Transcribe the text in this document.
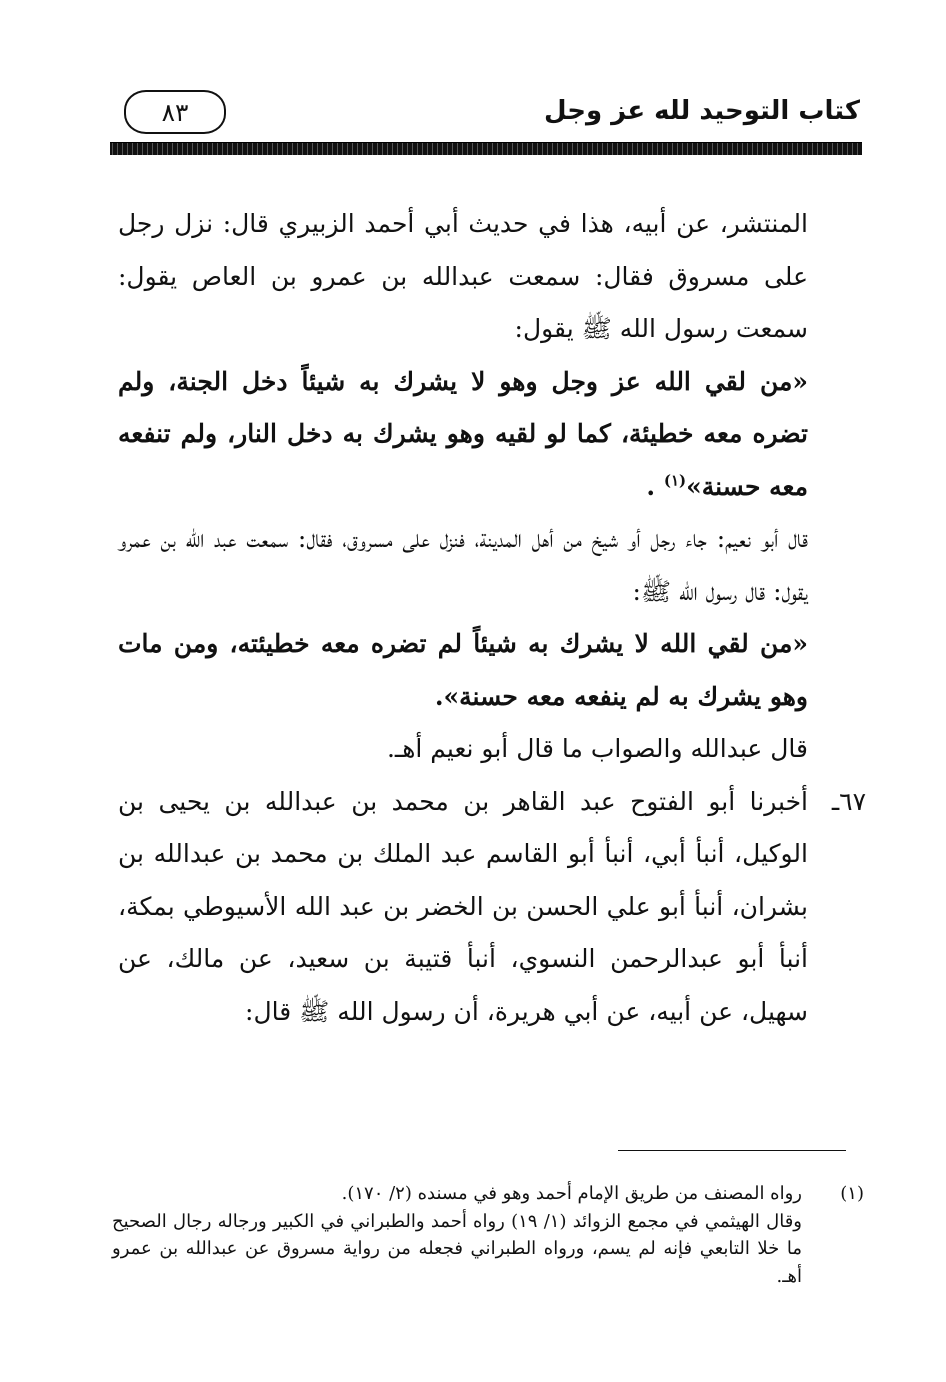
كتاب التوحيد لله عز وجل
٨٣

المنتشر، عن أبيه، هذا في حديث أبي أحمد الزبيري قال: نزل رجل على مسروق فقال: سمعت عبدالله بن عمرو بن العاص يقول: سمعت رسول الله ﷺ يقول:

«من لقي الله عز وجل وهو لا يشرك به شيئاً دخل الجنة، ولم تضره معه خطيئة، كما لو لقيه وهو يشرك به دخل النار، ولم تنفعه معه حسنة»$^{(١)}$ .

قال أبو نعيم: جاء رجل أو شيخ من أهل المدينة، فنزل على مسروق، فقال: سمعت عبد الله بن عمرو يقول: قال رسول الله ﷺ:

«من لقي الله لا يشرك به شيئاً لم تضره معه خطيئته، ومن مات وهو يشرك به لم ينفعه معه حسنة».

قال عبدالله والصواب ما قال أبو نعيم أهـ.

٦٧ـ

أخبرنا أبو الفتوح عبد القاهر بن محمد بن عبدالله بن يحيى بن الوكيل، أنبأ أبي، أنبأ أبو القاسم عبد الملك بن محمد بن عبدالله بن بشران، أنبأ أبو علي الحسن بن الخضر بن عبد الله الأسيوطي بمكة، أنبأ أبو عبدالرحمن النسوي، أنبأ قتيبة بن سعيد، عن مالك، عن سهيل، عن أبيه، عن أبي هريرة، أن رسول الله ﷺ قال:

(١)

رواه المصنف من طريق الإمام أحمد وهو في مسنده (٢/ ١٧٠).

وقال الهيثمي في مجمع الزوائد (١/ ١٩) رواه أحمد والطبراني في الكبير ورجاله رجال الصحيح ما خلا التابعي فإنه لم يسم، ورواه الطبراني فجعله من رواية مسروق عن عبدالله بن عمرو أهـ.
